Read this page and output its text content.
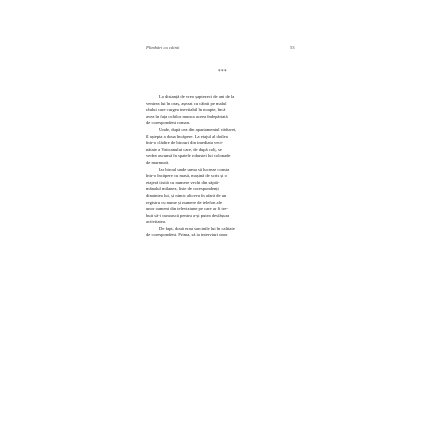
Plimbări cu câinii	53
***
La distanță de vreo șaptezeci de ani de la
venirea lui în oraș, așezat cu câinii pe malul
râului care curgea inevitabil în noapte, încă
avea în fața ochilor munca aceea îndepărtată
de corespondent roman.
Unde, după cea din apartamentul văduvei,
îl aștepta a doua încăpere. La etajul al doilea
într-o clădire de birouri din imediata veci-
nătate a Vaticanului care, de după colț, se
vedea ascunsă în spatele robustei lui colonade
de marmură.
Iar biroul unde urma să lucreze consta
într-o încăpere cu masă, mașină de scris și o
etajeră tixită cu numere vechi din săptă-
mânalul milanez, liste de corespondenți
dinaintea lui, și nimic altceva în afară de un
registru cu nume și numere de telefon ale
unor oameni din televiziune pe care ar fi tre-
buit să-i cunoască pentru a-și putea desfășura
activitatea.
De fapt, două erau sarcinile lui în calitate
de corespondent. Prima, să ia interviuri unor
